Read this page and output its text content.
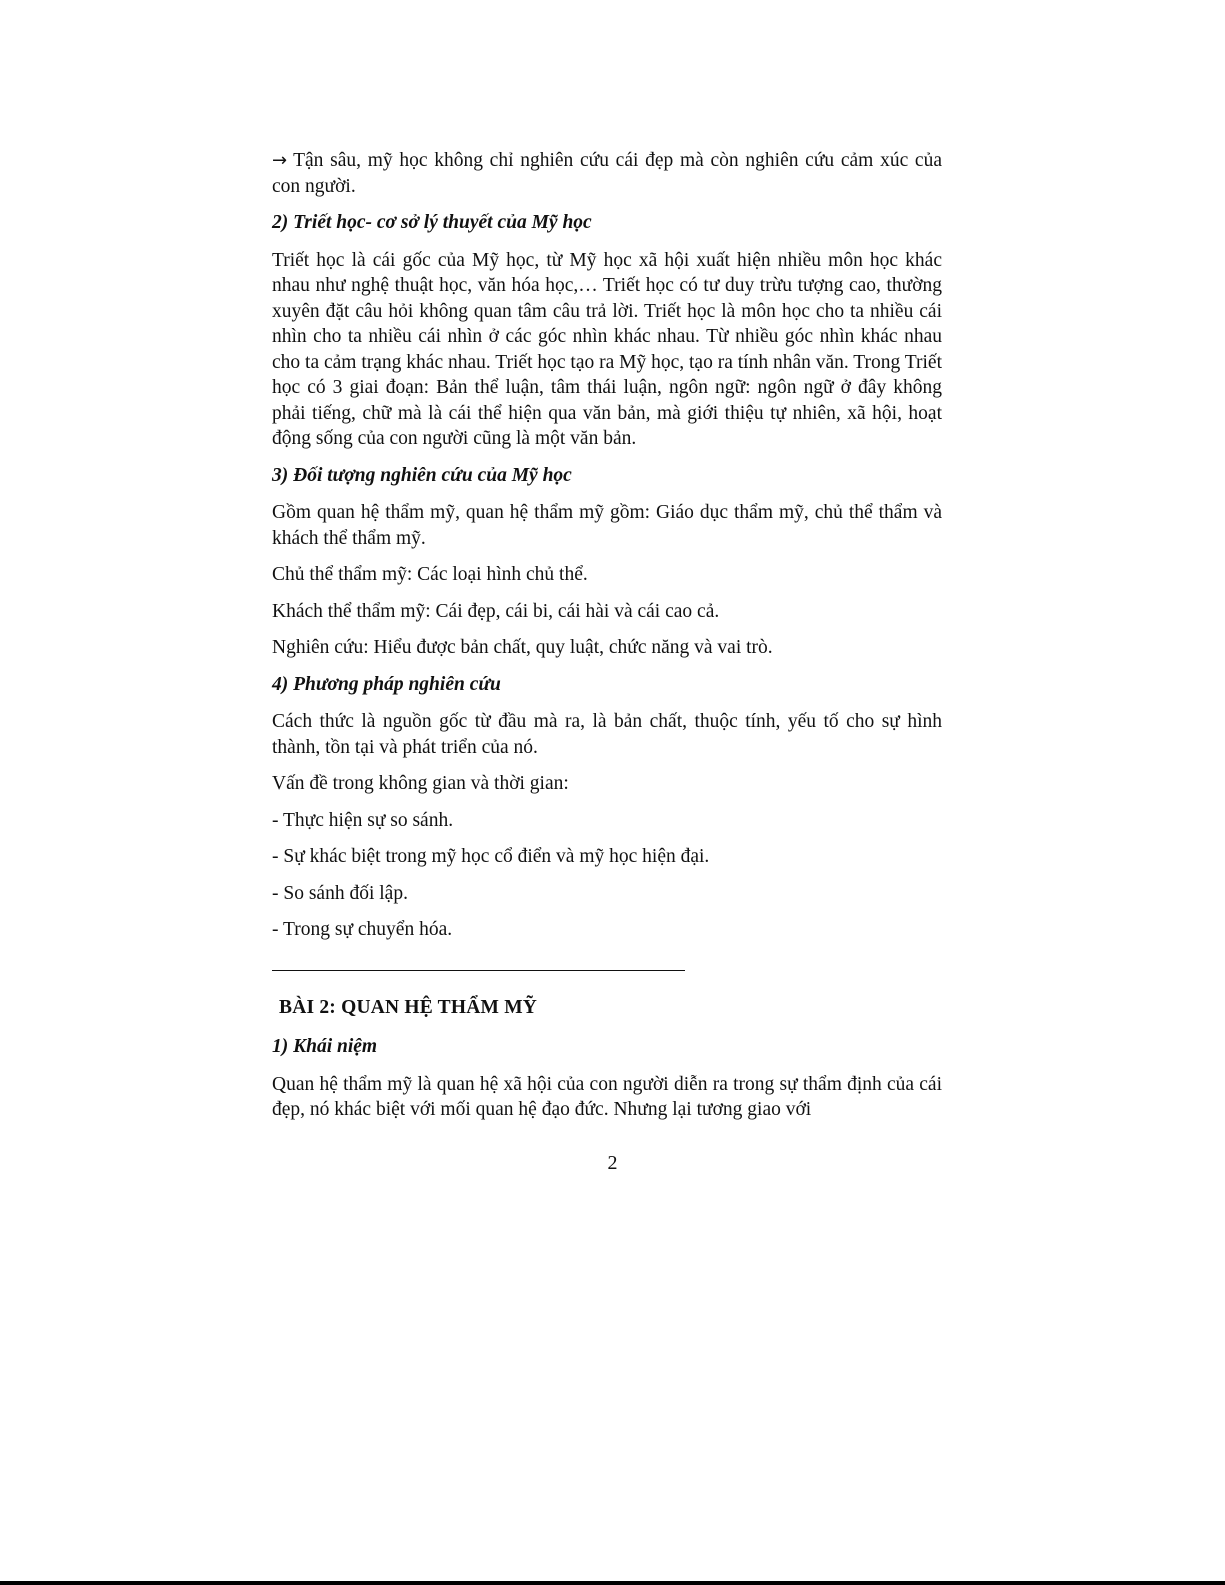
→ Tận sâu, mỹ học không chỉ nghiên cứu cái đẹp mà còn nghiên cứu cảm xúc của con người.

2) Triết học- cơ sở lý thuyết của Mỹ học

Triết học là cái gốc của Mỹ học, từ Mỹ học xã hội xuất hiện nhiều môn học khác nhau như nghệ thuật học, văn hóa học,… Triết học có tư duy trừu tượng cao, thường xuyên đặt câu hỏi không quan tâm câu trả lời. Triết học là môn học cho ta nhiều cái nhìn cho ta nhiều cái nhìn ở các góc nhìn khác nhau. Từ nhiều góc nhìn khác nhau cho ta cảm trạng khác nhau. Triết học tạo ra Mỹ học, tạo ra tính nhân văn. Trong Triết học có 3 giai đoạn: Bản thể luận, tâm thái luận, ngôn ngữ: ngôn ngữ ở đây không phải tiếng, chữ mà là cái thể hiện qua văn bản, mà giới thiệu tự nhiên, xã hội, hoạt động sống của con người cũng là một văn bản.

3) Đối tượng nghiên cứu của Mỹ học

Gồm quan hệ thẩm mỹ, quan hệ thẩm mỹ gồm: Giáo dục thẩm mỹ, chủ thể thẩm và khách thể thẩm mỹ.

Chủ thể thẩm mỹ: Các loại hình chủ thể.

Khách thể thẩm mỹ: Cái đẹp, cái bi, cái hài và cái cao cả.

Nghiên cứu: Hiểu được bản chất, quy luật, chức năng và vai trò.

4) Phương pháp nghiên cứu

Cách thức là nguồn gốc từ đầu mà ra, là bản chất, thuộc tính, yếu tố cho sự hình thành, tồn tại và phát triển của nó.

Vấn đề trong không gian và thời gian:

- Thực hiện sự so sánh.

- Sự khác biệt trong mỹ học cổ điển và mỹ học hiện đại.

- So sánh đối lập.

- Trong sự chuyển hóa.

BÀI 2: QUAN HỆ THẨM MỸ
1) Khái niệm

Quan hệ thẩm mỹ là quan hệ xã hội của con người diễn ra trong sự thẩm định của cái đẹp, nó khác biệt với mối quan hệ đạo đức. Nhưng lại tương giao với

2
